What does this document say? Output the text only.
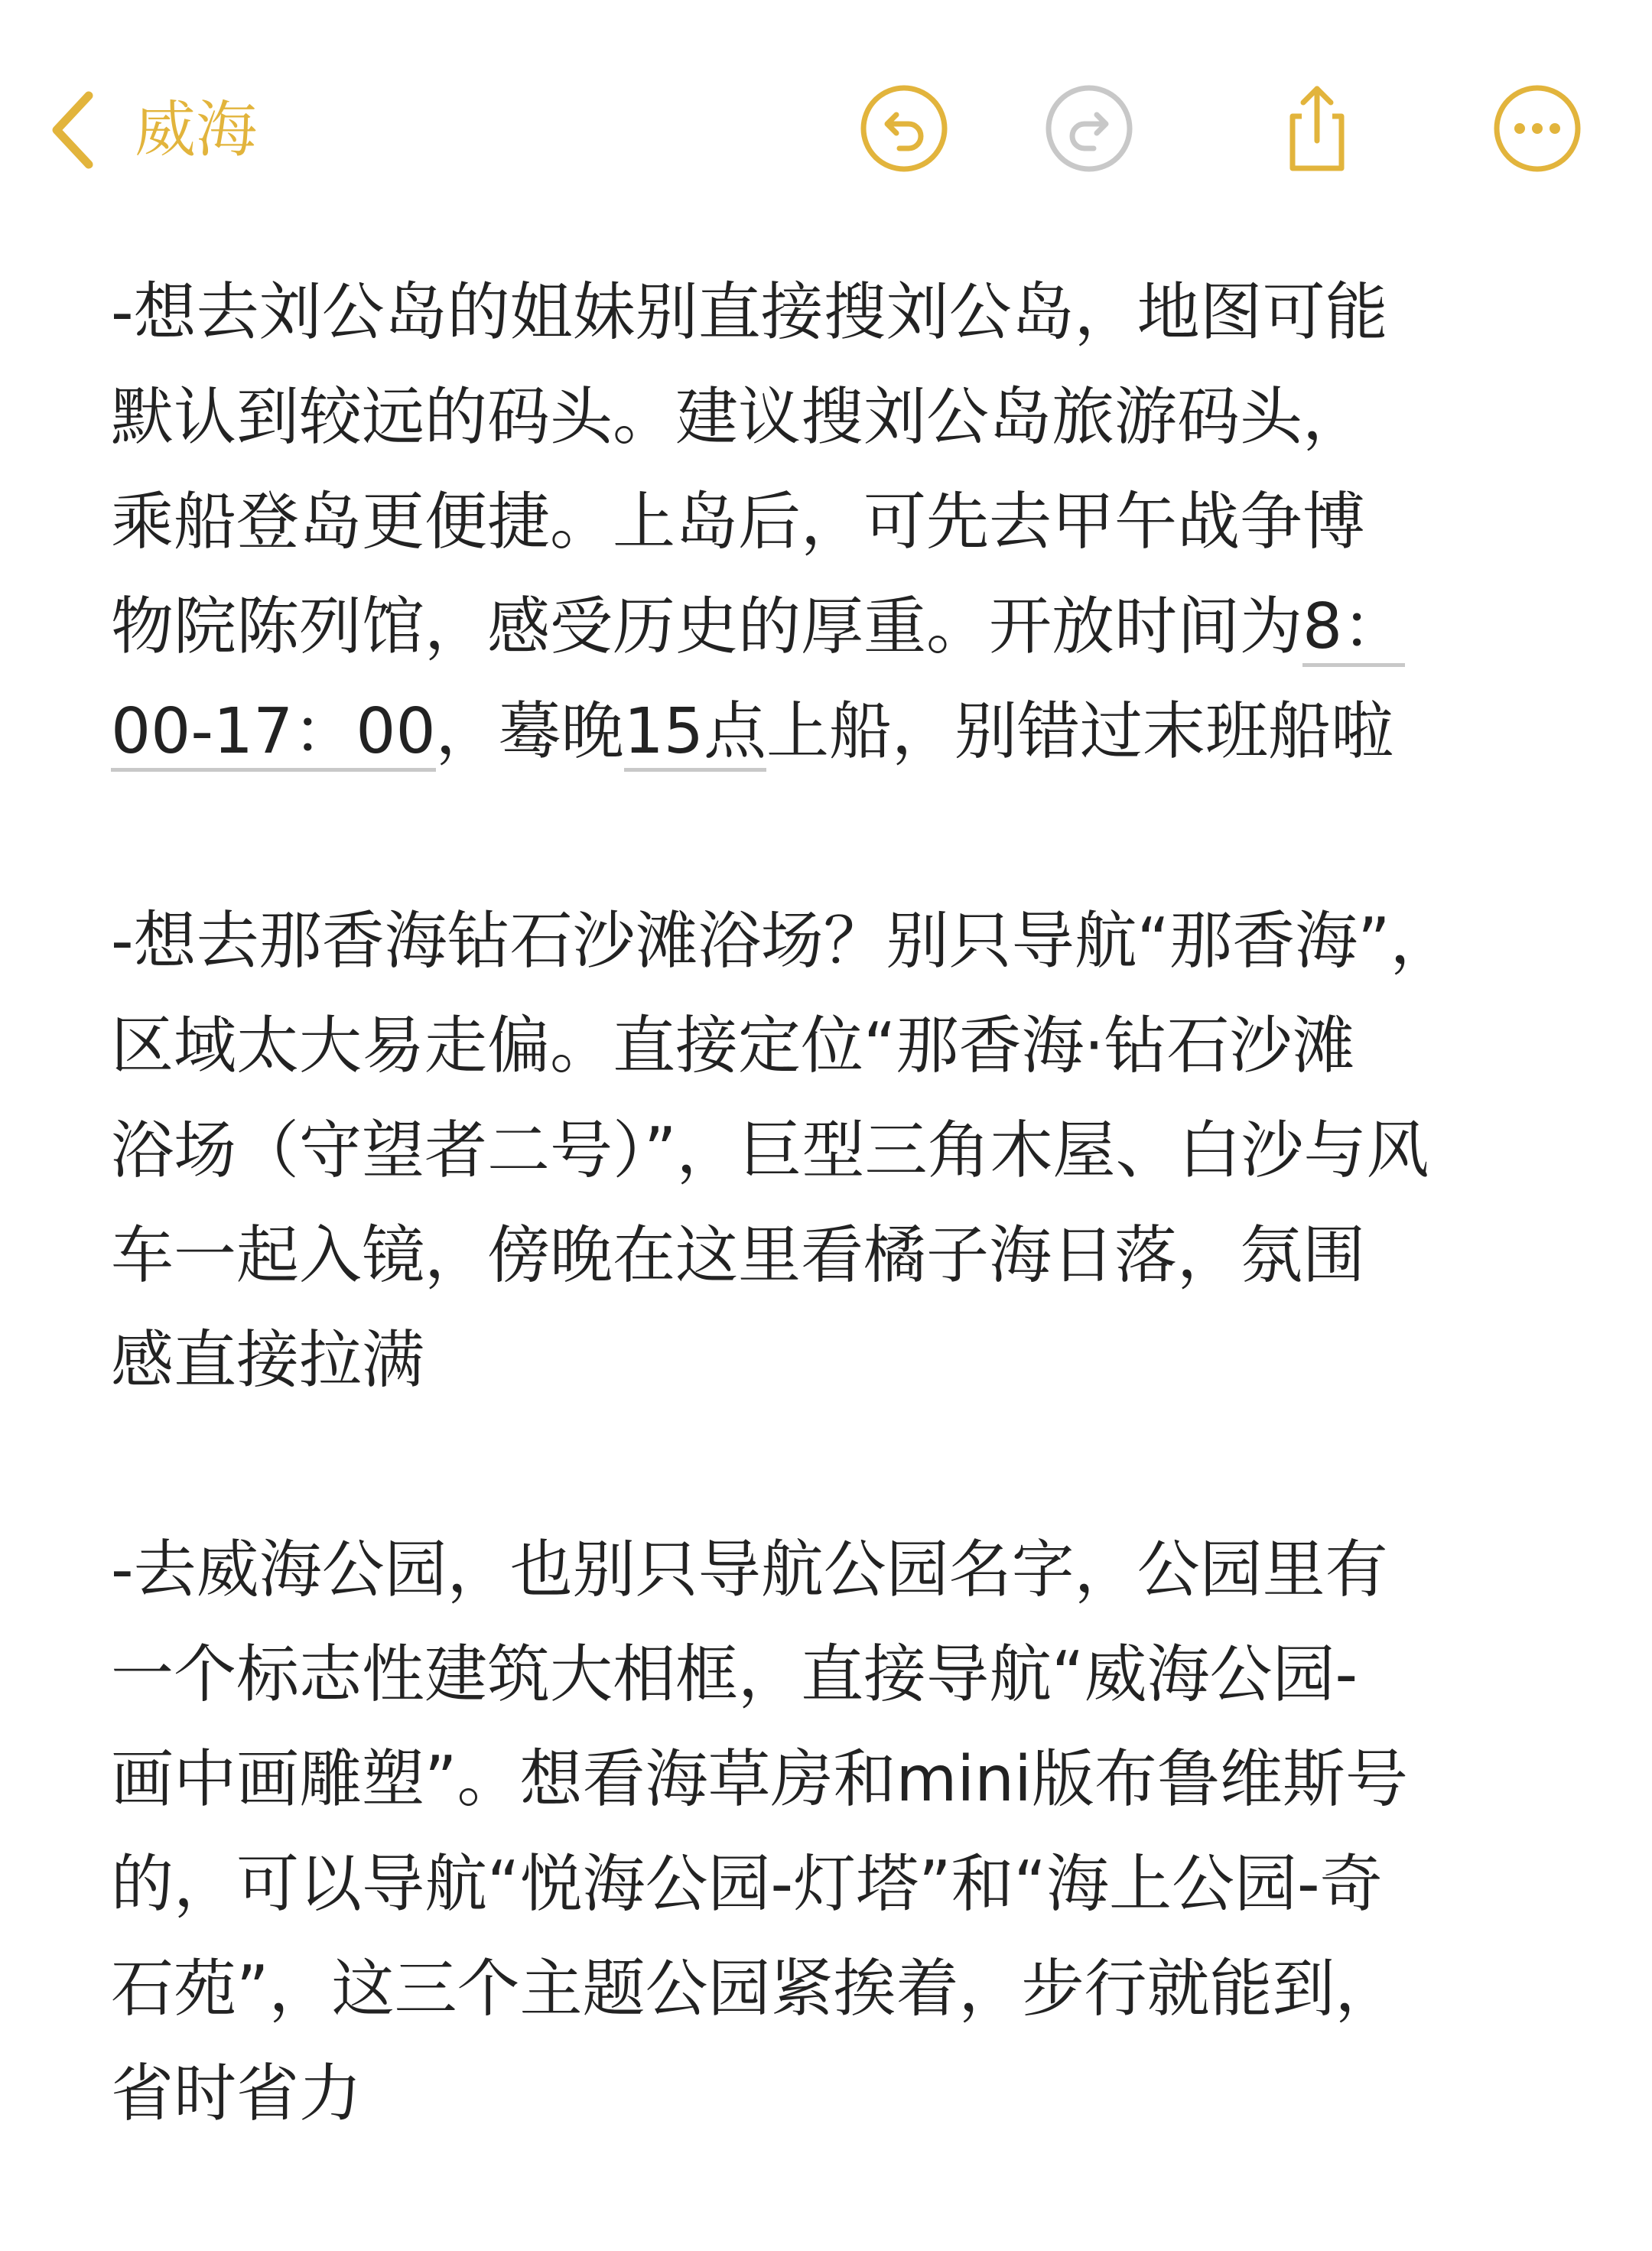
威海
-想去刘公岛的姐妹别直接搜刘公岛，地图可能
默认到较远的码头。建议搜刘公岛旅游码头，
乘船登岛更便捷。上岛后，可先去甲午战争博
物院陈列馆，感受历史的厚重。开放时间为8：
00-17：00，蓦晚15点上船，别错过末班船啦
-想去那香海钻石沙滩浴场？别只导航“那香海”，
区域太大易走偏。直接定位“那香海·钻石沙滩
浴场（守望者二号）”，巨型三角木屋、白沙与风
车一起入镜，傍晚在这里看橘子海日落，氛围
感直接拉满
-去威海公园，也别只导航公园名字，公园里有
一个标志性建筑大相框，直接导航“威海公园-
画中画雕塑”。想看海草房和mini版布鲁维斯号
的，可以导航“悦海公园-灯塔”和“海上公园-奇
石苑”，这三个主题公园紧挨着，步行就能到，
省时省力
